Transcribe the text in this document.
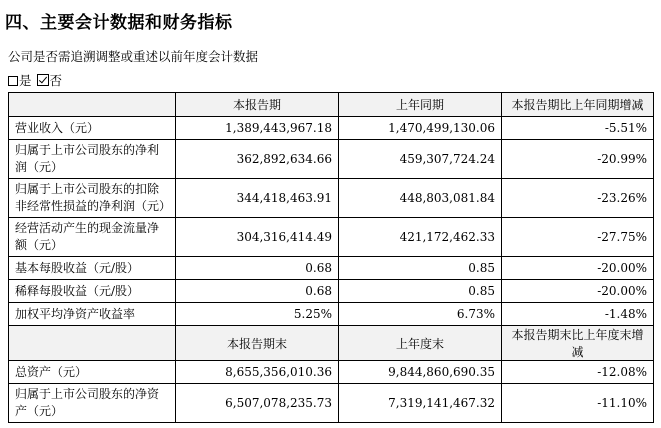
四、主要会计数据和财务指标
公司是否需追溯调整或重述以前年度会计数据
是 否
	本报告期	上年同期	本报告期比上年同期增减
营业收入（元）	1,389,443,967.18	1,470,499,130.06	-5.51%
归属于上市公司股东的净利润（元）	362,892,634.66	459,307,724.24	-20.99%
归属于上市公司股东的扣除非经常性损益的净利润（元）	344,418,463.91	448,803,081.84	-23.26%
经营活动产生的现金流量净额（元）	304,316,414.49	421,172,462.33	-27.75%
基本每股收益（元/股）	0.68	0.85	-20.00%
稀释每股收益（元/股）	0.68	0.85	-20.00%
加权平均净资产收益率	5.25%	6.73%	-1.48%
	本报告期末	上年度末	本报告期末比上年度末增减
总资产（元）	8,655,356,010.36	9,844,860,690.35	-12.08%
归属于上市公司股东的净资产（元）	6,507,078,235.73	7,319,141,467.32	-11.10%
